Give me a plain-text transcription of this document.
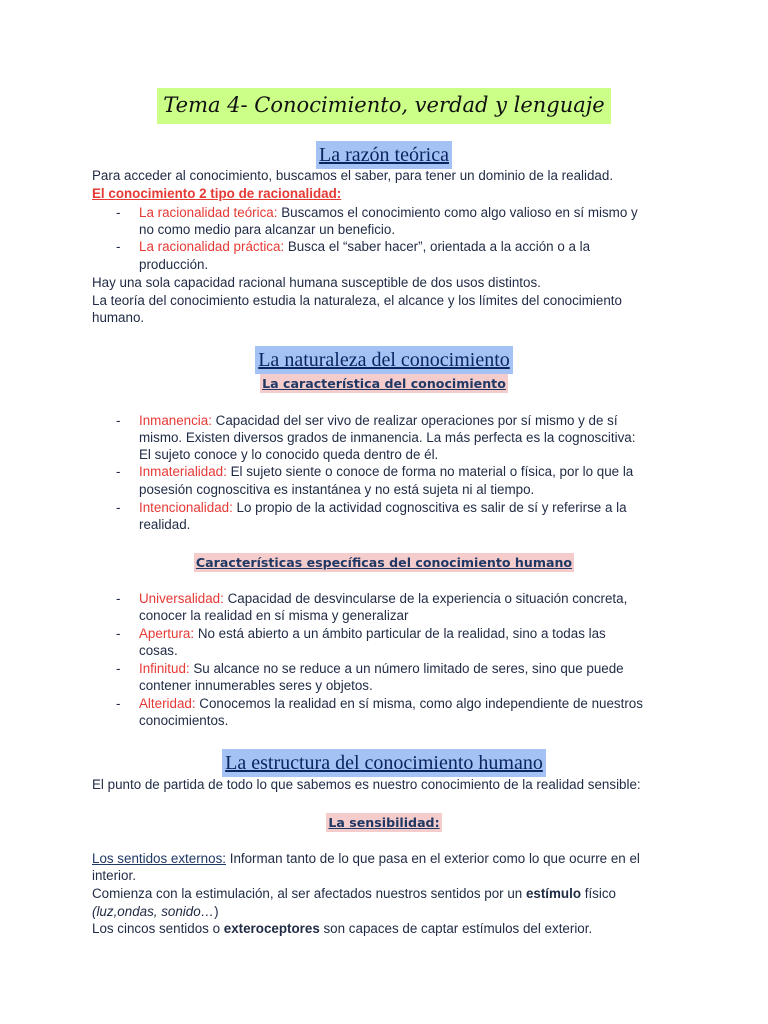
Tema 4- Conocimiento, verdad y lenguaje
La razón teórica
Para acceder al conocimiento, buscamos el saber, para tener un dominio de la realidad.
El conocimiento 2 tipo de racionalidad:
- La racionalidad teórica: Buscamos el conocimiento como algo valioso en sí mismo y
no como medio para alcanzar un beneficio.
- La racionalidad práctica: Busca el “saber hacer”, orientada a la acción o a la
producción.
Hay una sola capacidad racional humana susceptible de dos usos distintos.
La teoría del conocimiento estudia la naturaleza, el alcance y los límites del conocimiento
humano.
La naturaleza del conocimiento
La característica del conocimiento
- Inmanencia: Capacidad del ser vivo de realizar operaciones por sí mismo y de sí
mismo. Existen diversos grados de inmanencia. La más perfecta es la cognoscitiva:
El sujeto conoce y lo conocido queda dentro de él.
- Inmaterialidad: El sujeto siente o conoce de forma no material o física, por lo que la
posesión cognoscitiva es instantánea y no está sujeta ni al tiempo.
- Intencionalidad: Lo propio de la actividad cognoscitiva es salir de sí y referirse a la
realidad.
Características específicas del conocimiento humano
- Universalidad: Capacidad de desvincularse de la experiencia o situación concreta,
conocer la realidad en sí misma y generalizar
- Apertura: No está abierto a un ámbito particular de la realidad, sino a todas las
cosas.
- Infinitud: Su alcance no se reduce a un número limitado de seres, sino que puede
contener innumerables seres y objetos.
- Alteridad: Conocemos la realidad en sí misma, como algo independiente de nuestros
conocimientos.
La estructura del conocimiento humano
El punto de partida de todo lo que sabemos es nuestro conocimiento de la realidad sensible:
La sensibilidad:
Los sentidos externos: Informan tanto de lo que pasa en el exterior como lo que ocurre en el
interior.
Comienza con la estimulación, al ser afectados nuestros sentidos por un estímulo físico
(luz,ondas, sonido…)
Los cincos sentidos o exteroceptores son capaces de captar estímulos del exterior.
